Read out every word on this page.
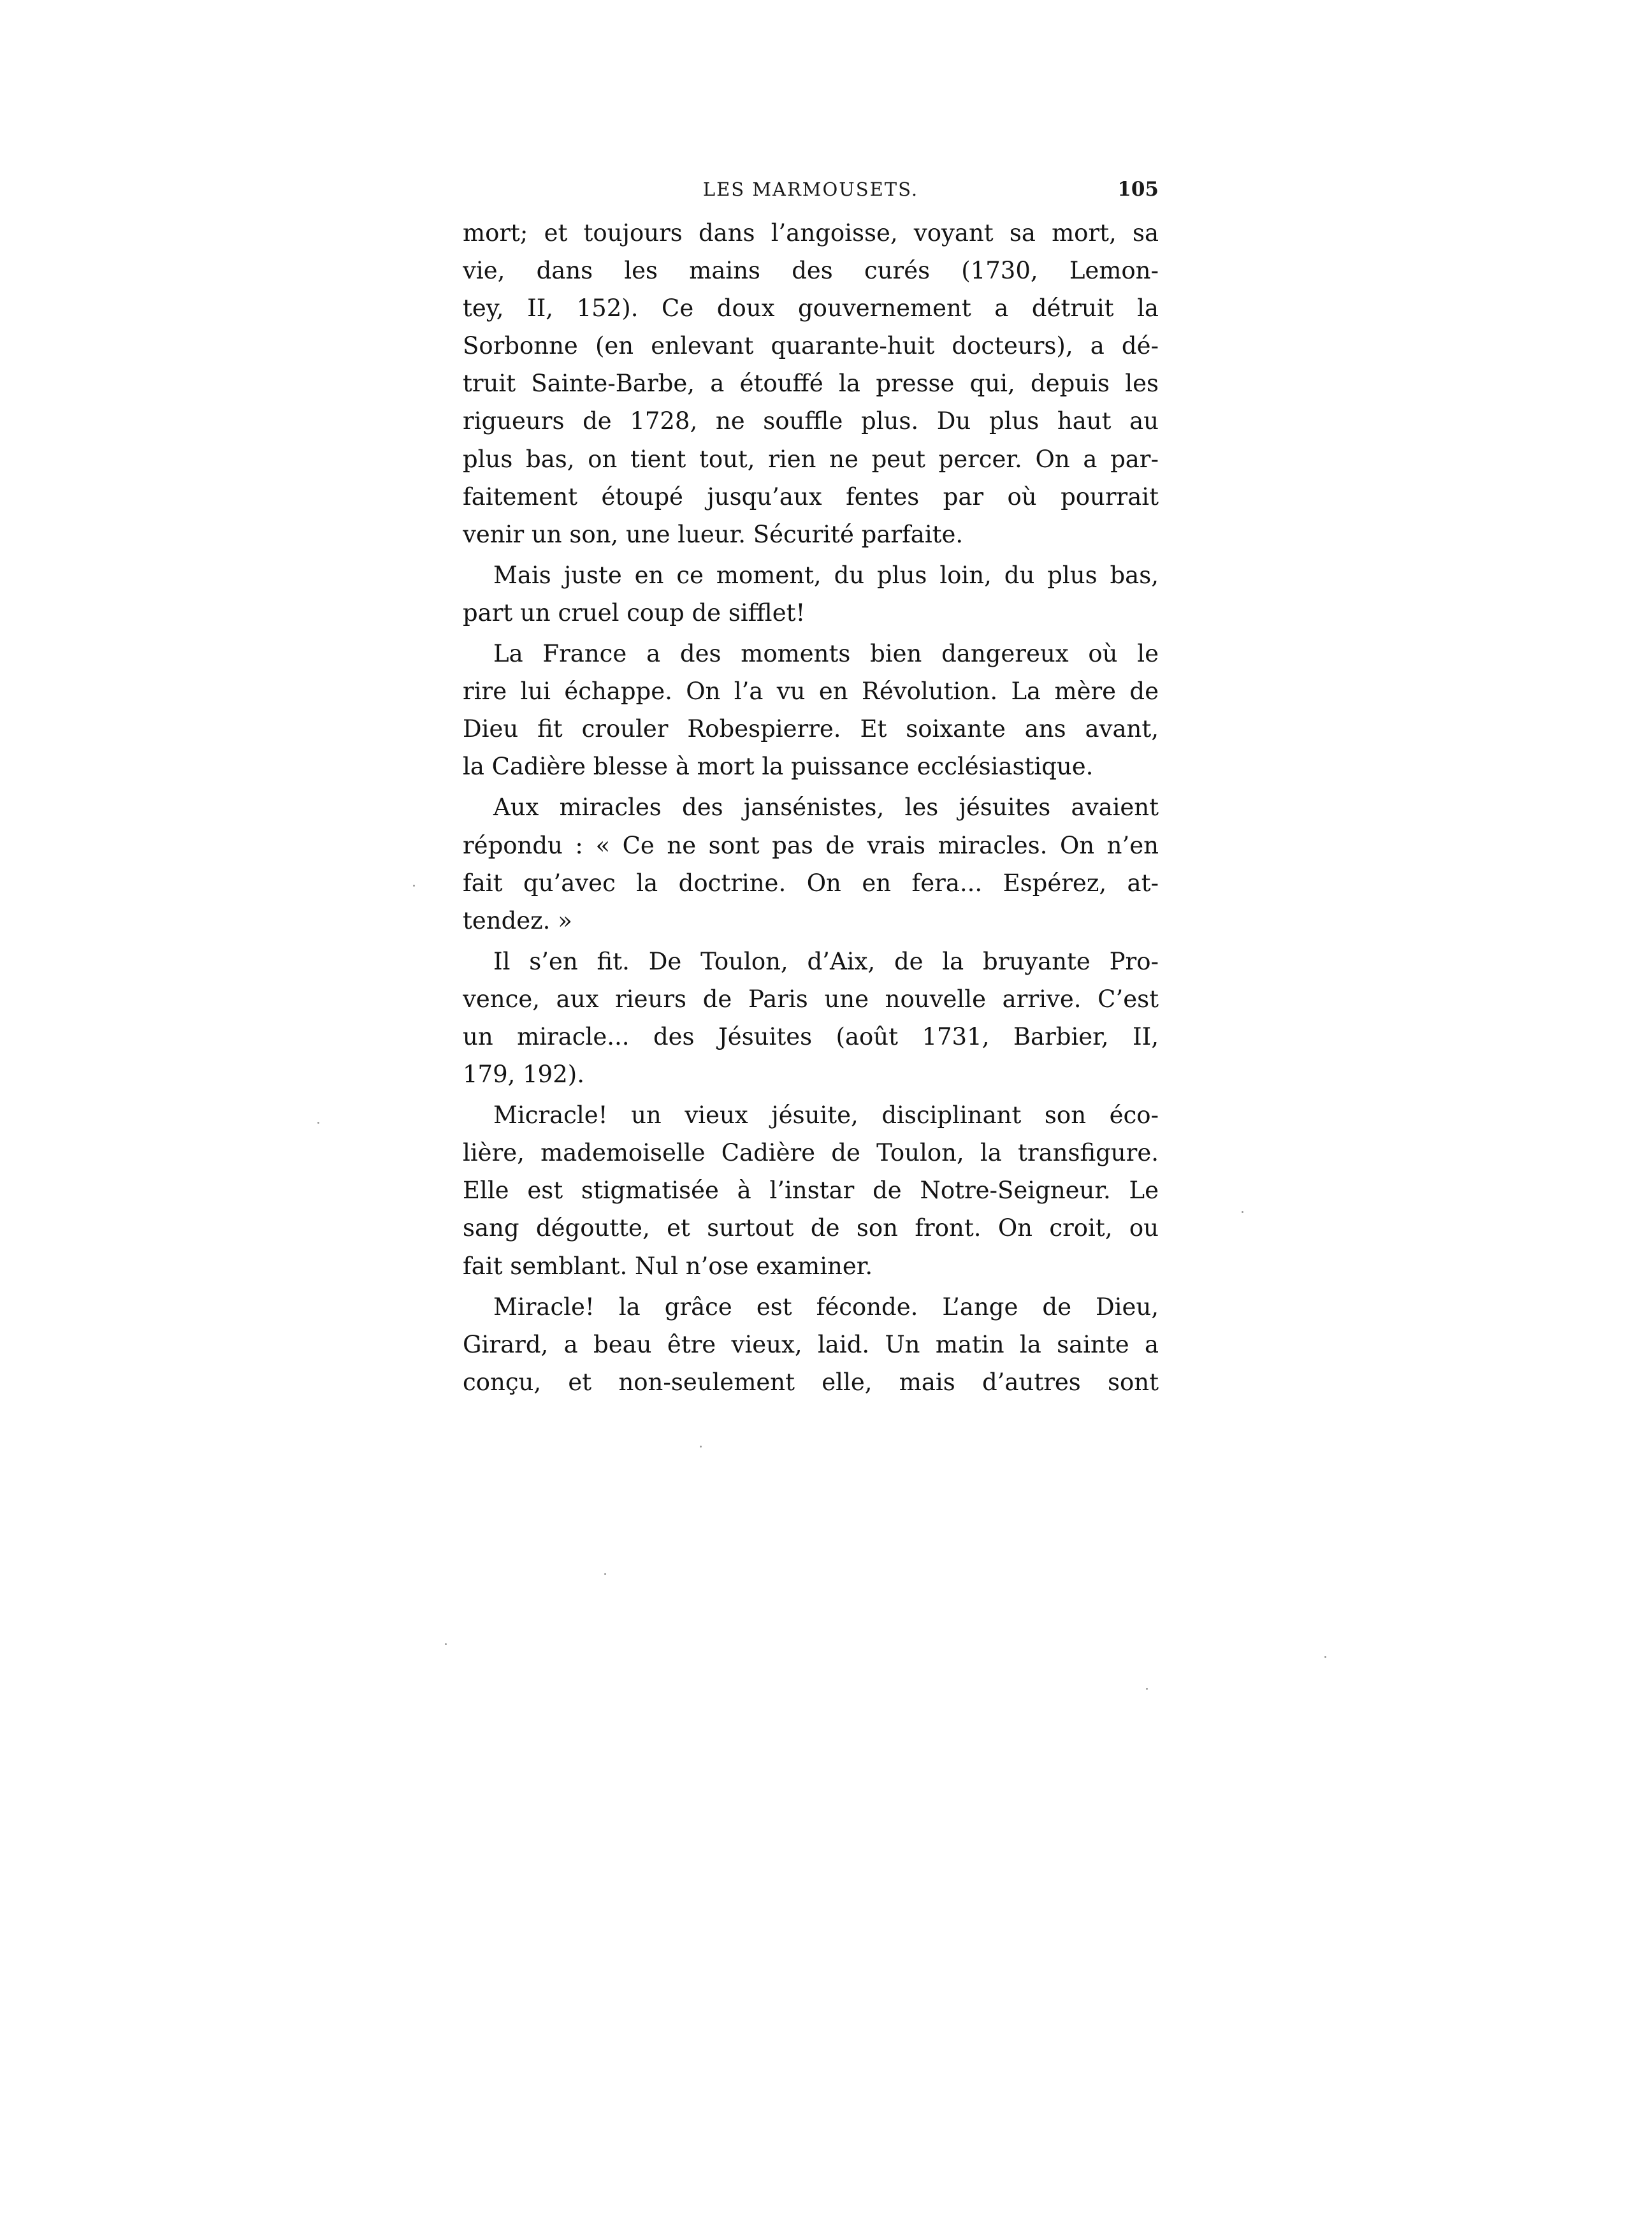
LES MARMOUSETS.	105
mort; et toujours dans l’angoisse, voyant sa mort, sa
vie, dans les mains des curés (1730, Lemon-
tey, II, 152). Ce doux gouvernement a détruit la
Sorbonne (en enlevant quarante-huit docteurs), a dé-
truit Sainte-Barbe, a étouffé la presse qui, depuis les
rigueurs de 1728, ne souffle plus. Du plus haut au
plus bas, on tient tout, rien ne peut percer. On a par-
faitement étoupé jusqu’aux fentes par où pourrait
venir un son, une lueur. Sécurité parfaite.
Mais juste en ce moment, du plus loin, du plus bas,
part un cruel coup de sifflet!
La France a des moments bien dangereux où le
rire lui échappe. On l’a vu en Révolution. La mère de
Dieu fit crouler Robespierre. Et soixante ans avant,
la Cadière blesse à mort la puissance ecclésiastique.
Aux miracles des jansénistes, les jésuites avaient
répondu : « Ce ne sont pas de vrais miracles. On n’en
fait qu’avec la doctrine. On en fera... Espérez, at-
tendez. »
Il s’en fit. De Toulon, d’Aix, de la bruyante Pro-
vence, aux rieurs de Paris une nouvelle arrive. C’est
un miracle... des Jésuites (août 1731, Barbier, II,
179, 192).
Micracle! un vieux jésuite, disciplinant son éco-
lière, mademoiselle Cadière de Toulon, la transfigure.
Elle est stigmatisée à l’instar de Notre-Seigneur. Le
sang dégoutte, et surtout de son front. On croit, ou
fait semblant. Nul n’ose examiner.
Miracle! la grâce est féconde. L’ange de Dieu,
Girard, a beau être vieux, laid. Un matin la sainte a
conçu, et non-seulement elle, mais d’autres sont
